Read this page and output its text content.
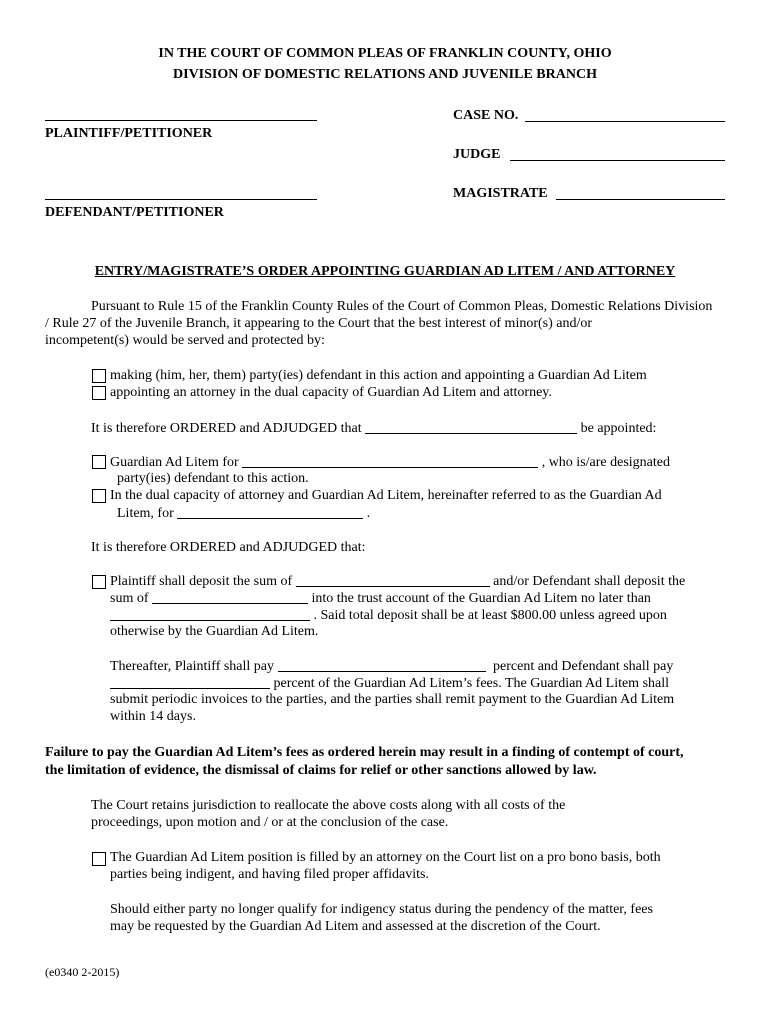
IN THE COURT OF COMMON PLEAS OF FRANKLIN COUNTY, OHIO
DIVISION OF DOMESTIC RELATIONS AND JUVENILE BRANCH
PLAINTIFF/PETITIONER
DEFENDANT/PETITIONER
CASE NO.
JUDGE
MAGISTRATE
ENTRY/MAGISTRATE’S ORDER APPOINTING GUARDIAN AD LITEM / AND ATTORNEY
Pursuant to Rule 15 of the Franklin County Rules of the Court of Common Pleas, Domestic Relations Division
/ Rule 27 of the Juvenile Branch, it appearing to the Court that the best interest of minor(s) and/or
incompetent(s) would be served and protected by:
making (him, her, them) party(ies) defendant in this action and appointing a Guardian Ad Litem
appointing an attorney in the dual capacity of Guardian Ad Litem and attorney.
It is therefore ORDERED and ADJUDGED that	be appointed:
Guardian Ad Litem for	, who is/are designated
party(ies) defendant to this action.
In the dual capacity of attorney and Guardian Ad Litem, hereinafter referred to as the Guardian Ad
Litem, for	.
It is therefore ORDERED and ADJUDGED that:
Plaintiff shall deposit the sum of	and/or Defendant shall deposit the
sum of	into the trust account of the Guardian Ad Litem no later than
. Said total deposit shall be at least $800.00 unless agreed upon
otherwise by the Guardian Ad Litem.
Thereafter, Plaintiff shall pay	percent and Defendant shall pay
percent of the Guardian Ad Litem’s fees. The Guardian Ad Litem shall
submit periodic invoices to the parties, and the parties shall remit payment to the Guardian Ad Litem
within 14 days.
Failure to pay the Guardian Ad Litem’s fees as ordered herein may result in a finding of contempt of court,
the limitation of evidence, the dismissal of claims for relief or other sanctions allowed by law.
The Court retains jurisdiction to reallocate the above costs along with all costs of the
proceedings, upon motion and / or at the conclusion of the case.
The Guardian Ad Litem position is filled by an attorney on the Court list on a pro bono basis, both
parties being indigent, and having filed proper affidavits.
Should either party no longer qualify for indigency status during the pendency of the matter, fees
may be requested by the Guardian Ad Litem and assessed at the discretion of the Court.
(e0340 2-2015)
